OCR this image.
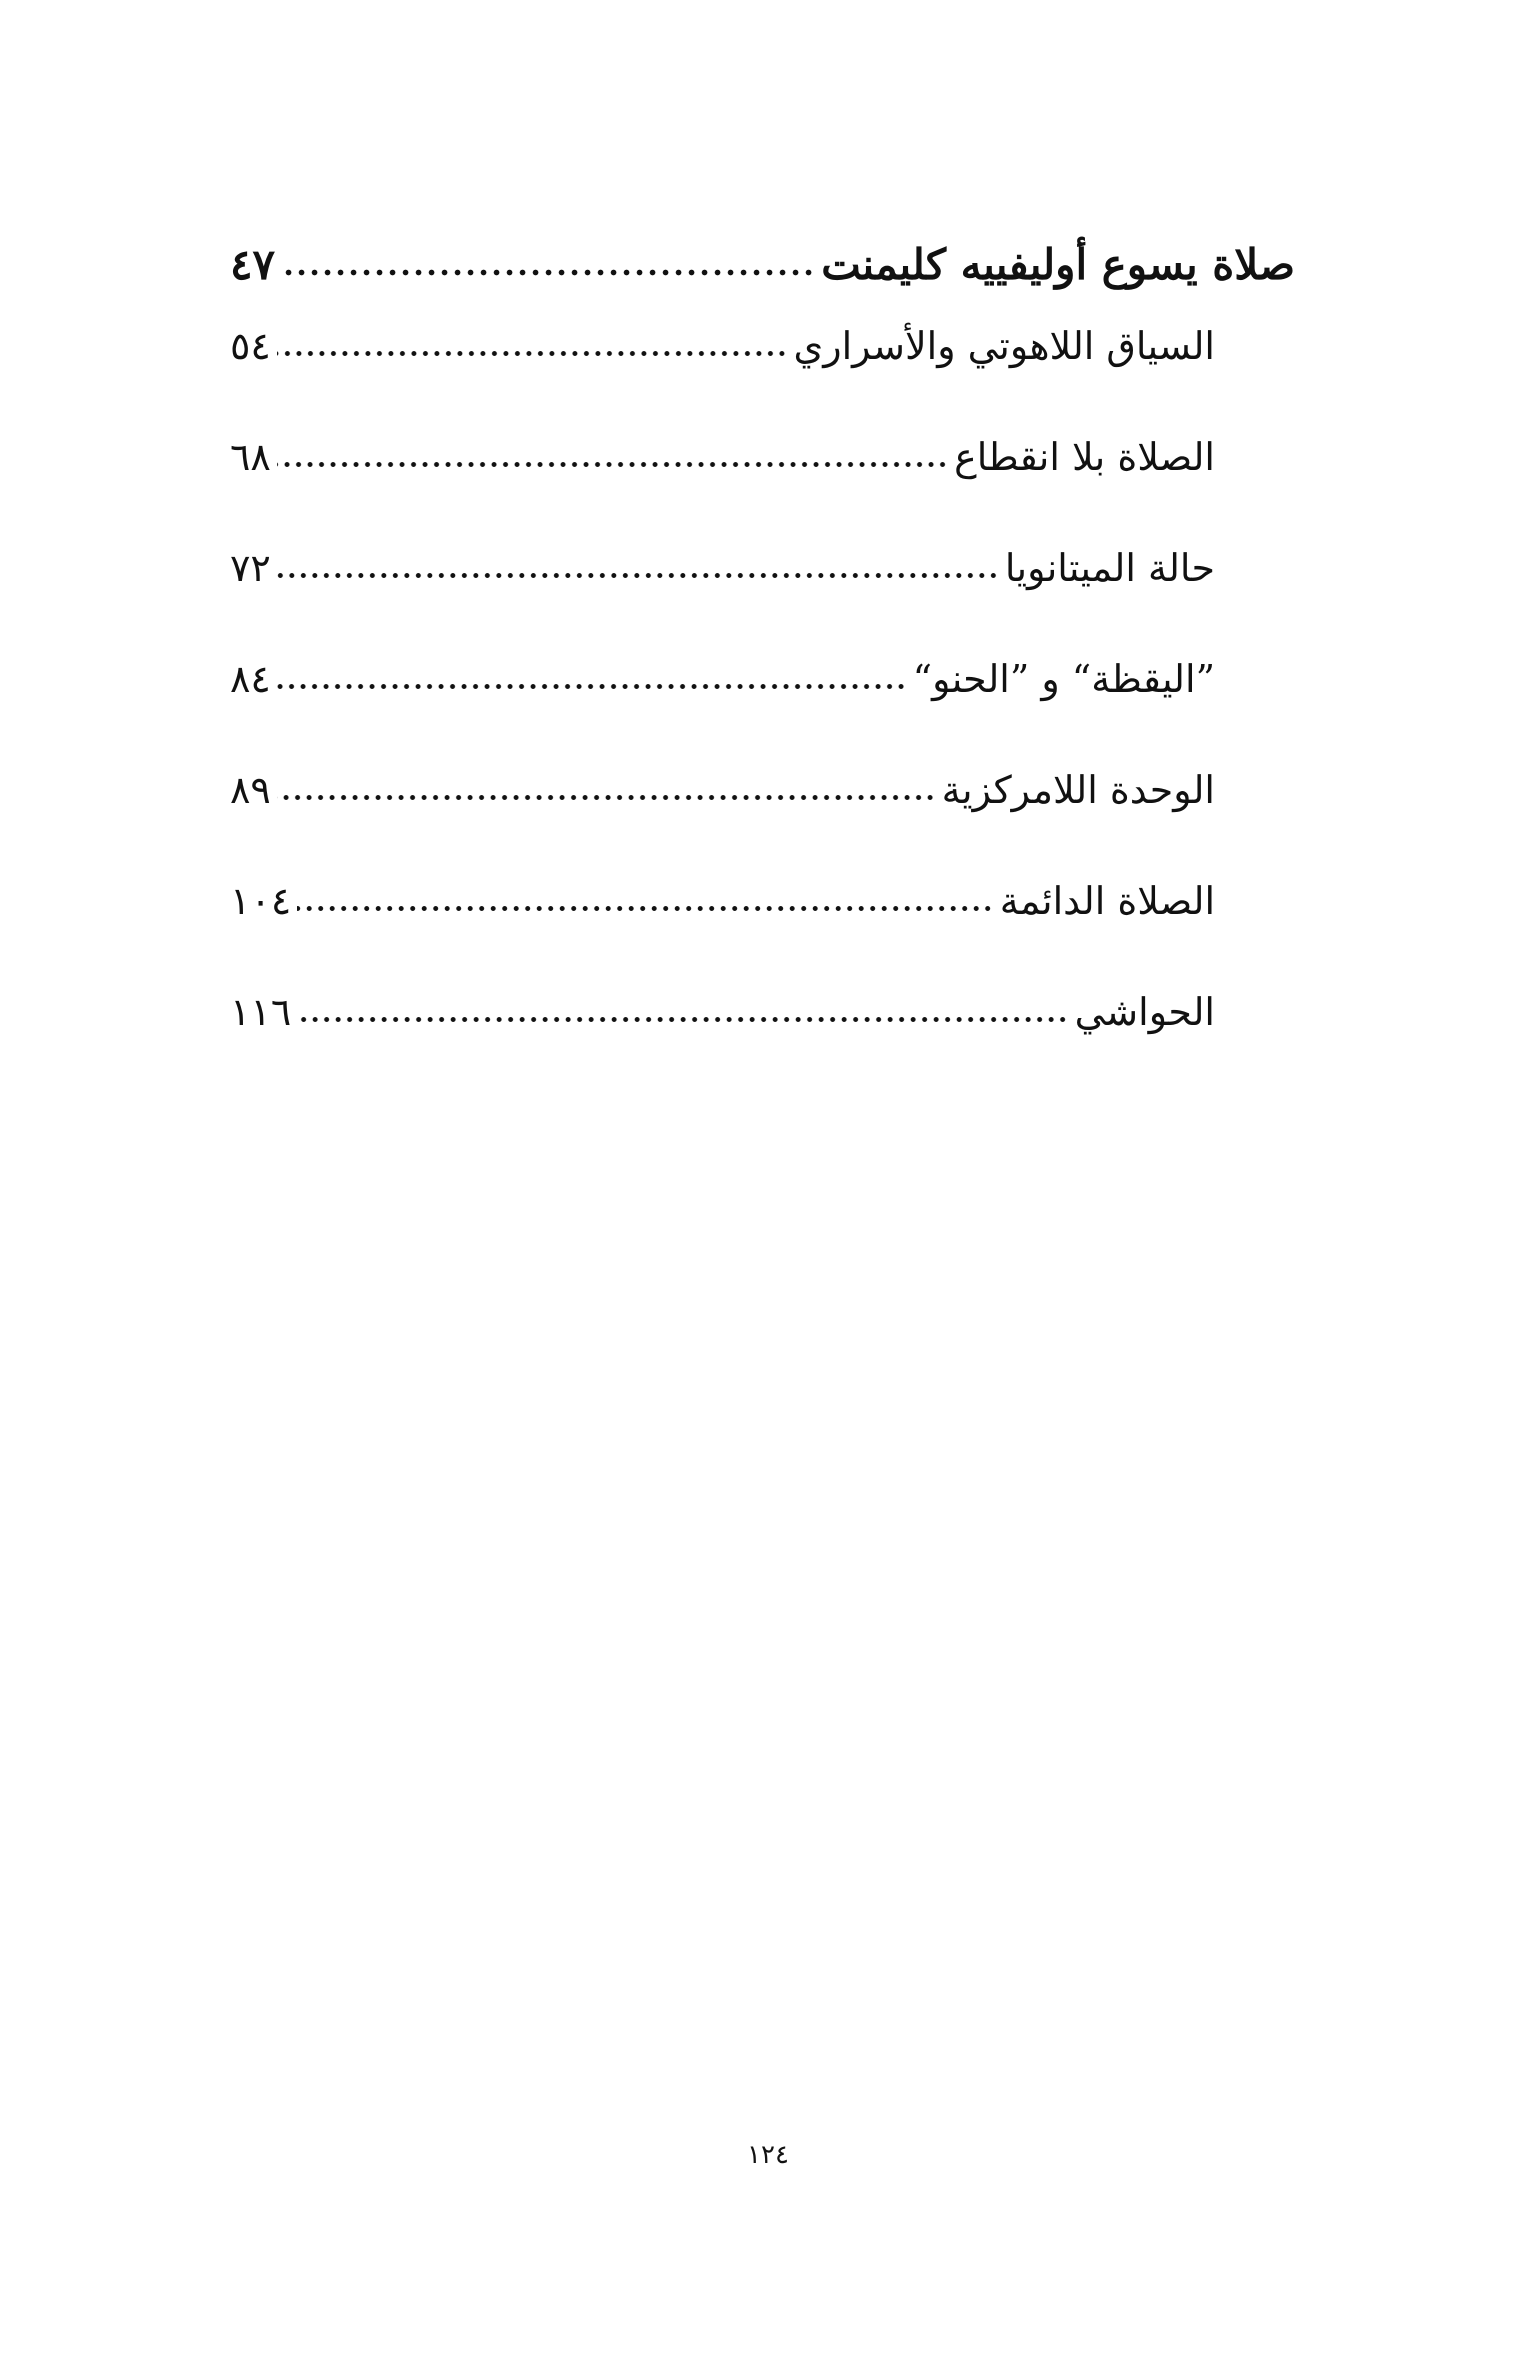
صلاة يسوع أوليفييه كليمنت
٤٧
السياق اللاهوتي والأسراري
٥٤
الصلاة بلا انقطاع
٦٨
حالة الميتانويا
٧٢
”اليقظة“ و ”الحنو“
٨٤
الوحدة اللامركزية
٨٩
الصلاة الدائمة
١٠٤
الحواشي
١١٦
١٢٤
